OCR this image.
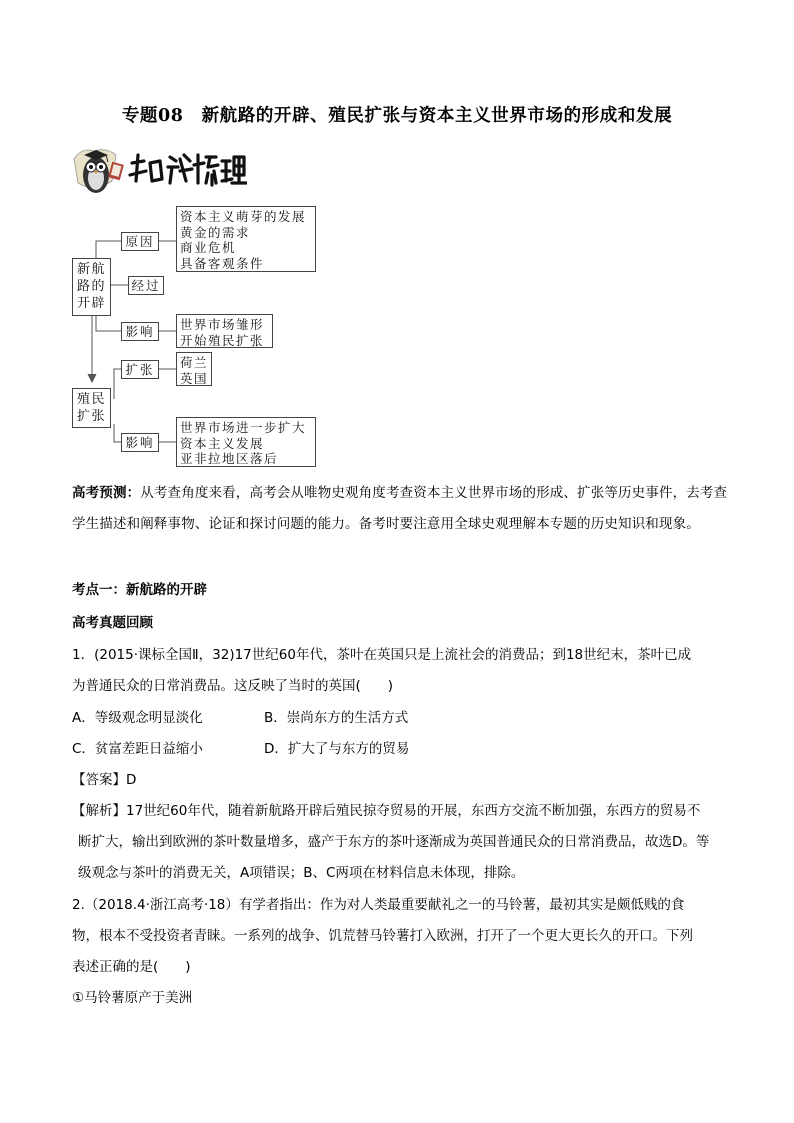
专题08 新航路的开辟、殖民扩张与资本主义世界市场的形成和发展
新航
路的
开辟
殖民
扩张
原因
经过
影响
扩张
影响
资本主义萌芽的发展
黄金的需求
商业危机
具备客观条件
世界市场雏形
开始殖民扩张
荷兰
英国
世界市场进一步扩大
资本主义发展
亚非拉地区落后
高考预测：从考查角度来看，高考会从唯物史观角度考查资本主义世界市场的形成、扩张等历史事件，去考查学生描述和阐释事物、论证和探讨问题的能力。备考时要注意用全球史观理解本专题的历史知识和现象。
考点一：新航路的开辟
高考真题回顾
1．(2015·课标全国Ⅱ，32)17世纪60年代，茶叶在英国只是上流社会的消费品；到18世纪末，茶叶已成
为普通民众的日常消费品。这反映了当时的英国(　　)
A．等级观念明显淡化	B．崇尚东方的生活方式
C．贫富差距日益缩小	D．扩大了与东方的贸易
【答案】D
【解析】17世纪60年代，随着新航路开辟后殖民掠夺贸易的开展，东西方交流不断加强，东西方的贸易不
断扩大，输出到欧洲的茶叶数量增多，盛产于东方的茶叶逐渐成为英国普通民众的日常消费品，故选D。等
级观念与茶叶的消费无关，A项错误；B、C两项在材料信息未体现，排除。
2.（2018.4·浙江高考·18）有学者指出：作为对人类最重要献礼之一的马铃薯，最初其实是颇低贱的食
物，根本不受投资者青睐。一系列的战争、饥荒替马铃薯打入欧洲，打开了一个更大更长久的开口。下列
表述正确的是(　　)
①马铃薯原产于美洲
